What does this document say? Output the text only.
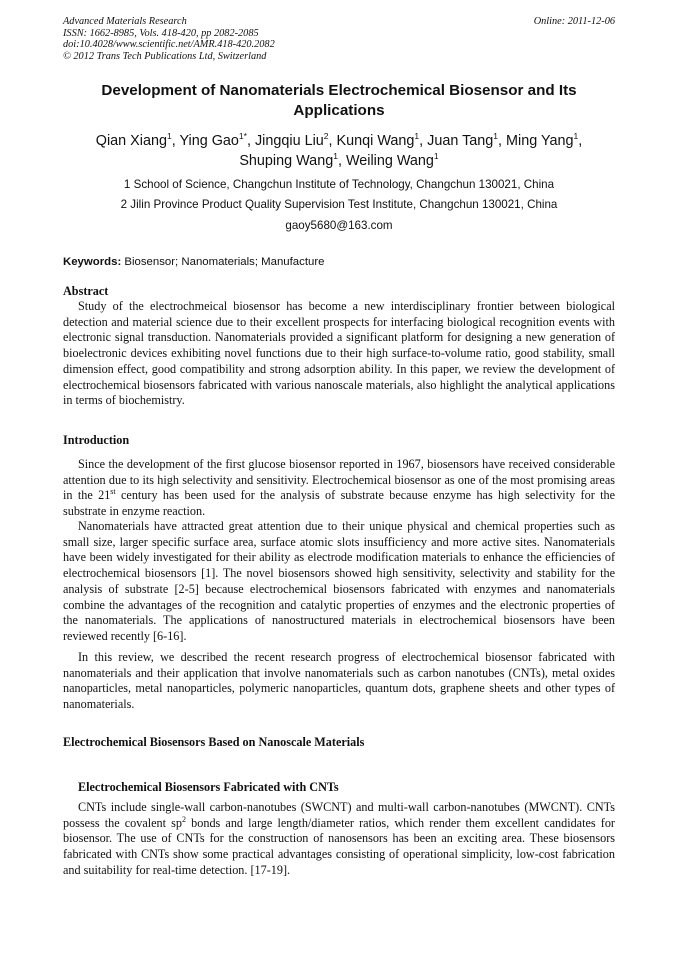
Advanced Materials Research
ISSN: 1662-8985, Vols. 418-420, pp 2082-2085
doi:10.4028/www.scientific.net/AMR.418-420.2082
© 2012 Trans Tech Publications Ltd, Switzerland
Online: 2011-12-06
Development of Nanomaterials Electrochemical Biosensor and Its
Applications
Qian Xiang$^1$, Ying Gao$^{1*}$, Jingqiu Liu$^2$, Kunqi Wang$^1$, Juan Tang$^1$, Ming Yang$^1$,
Shuping Wang$^1$, Weiling Wang$^1$
1 School of Science, Changchun Institute of Technology, Changchun 130021, China
2 Jilin Province Product Quality Supervision Test Institute, Changchun 130021, China
gaoy5680@163.com
Keywords: Biosensor; Nanomaterials; Manufacture
Abstract
Study of the electrochmeical biosensor has become a new interdisciplinary frontier between biological detection and material science due to their excellent prospects for interfacing biological recognition events with electronic signal transduction. Nanomaterials provided a significant platform for designing a new generation of bioelectronic devices exhibiting novel functions due to their high surface-to-volume ratio, good stability, small dimension effect, good compatibility and strong adsorption ability. In this paper, we review the development of electrochemical biosensors fabricated with various nanoscale materials, also highlight the analytical applications in terms of biochemistry.
Introduction
Since the development of the first glucose biosensor reported in 1967, biosensors have received considerable attention due to its high selectivity and sensitivity. Electrochemical biosensor as one of the most promising areas in the 21st century has been used for the analysis of substrate because enzyme has high selectivity for the substrate in enzyme reaction.
Nanomaterials have attracted great attention due to their unique physical and chemical properties such as small size, larger specific surface area, surface atomic slots insufficiency and more active sites. Nanomaterials have been widely investigated for their ability as electrode modification materials to enhance the efficiencies of electrochemical biosensors [1]. The novel biosensors showed high sensitivity, selectivity and stability for the analysis of substrate [2-5] because electrochemical biosensors fabricated with enzymes and nanomaterials combine the advantages of the recognition and catalytic properties of enzymes and the electronic properties of the nanomaterials. The applications of nanostructured materials in electrochemical biosensors have been reviewed recently [6-16].
In this review, we described the recent research progress of electrochemical biosensor fabricated with nanomaterials and their application that involve nanomaterials such as carbon nanotubes (CNTs), metal oxides nanoparticles, metal nanoparticles, polymeric nanoparticles, quantum dots, graphene sheets and other types of nanomaterials.
Electrochemical Biosensors Based on Nanoscale Materials
Electrochemical Biosensors Fabricated with CNTs
CNTs include single-wall carbon-nanotubes (SWCNT) and multi-wall carbon-nanotubes (MWCNT). CNTs possess the covalent $sp^2$ bonds and large length/diameter ratios, which render them excellent candidates for biosensor. The use of CNTs for the construction of nanosensors has been an exciting area. These biosensors fabricated with CNTs show some practical advantages consisting of operational simplicity, low-cost fabrication and suitability for real-time detection. [17-19].
